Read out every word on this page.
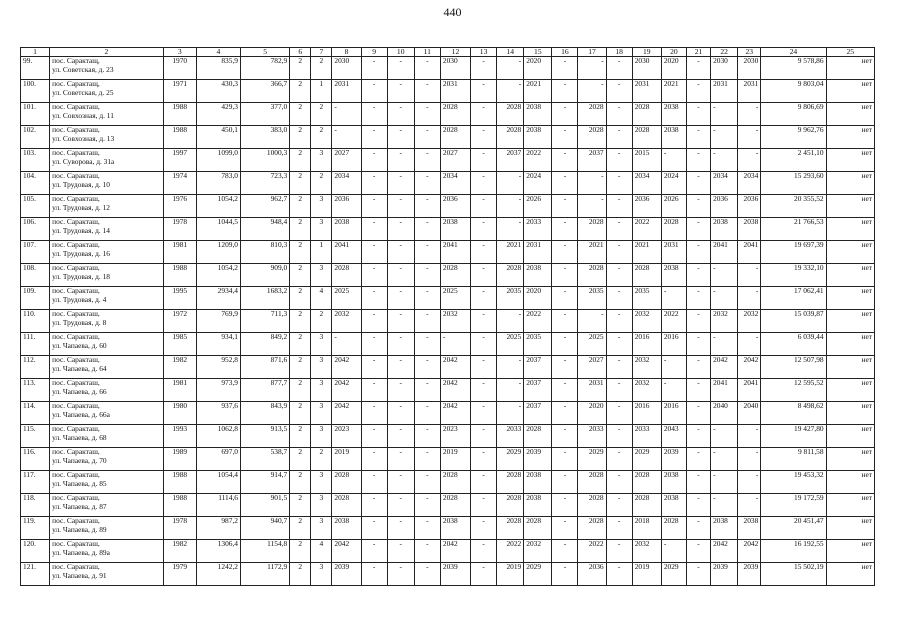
440
1	2	3	4	5	6	7	8	9	10	11	12	13	14	15	16	17	18	19	20	21	22	23	24	25
99.	пос. Сарактащ,
ул. Советская, д. 23	1970	835,9	782,9	2	2	2030	-	-	-	2030	-	-	2020	-	-	-	2030	2020	-	2030	2030	9 578,86	нет
100.	пос. Сарактащ,
ул. Советская, д. 25	1971	430,3	366,7	2	1	2031	-	-	-	2031	-	-	2021	-	-	-	2031	2021	-	2031	2031	9 803,04	нет
101.	пос. Саракташ,
ул. Совхозная, д. 11	1988	429,3	377,0	2	2	-	-	-	-	2028	-	2028	2038	-	2028	-	2028	2038	-	-	-	9 806,69	нет
102.	пос. Саракташ,
ул. Совхозная, д. 13	1988	450,1	383,0	2	2	-	-	-	-	2028	-	2028	2038	-	2028	-	2028	2038	-	-	-	9 962,76	нет
103.	пос. Саракташ,
ул. Суворова, д. 31а	1997	1099,0	1000,3	2	3	2027	-	-	-	2027	-	2037	2022	-	2037	-	2015	-	-	-	-	2 451,10	нет
104.	пос. Саракташ,
ул. Трудовая, д. 10	1974	783,0	723,3	2	2	2034	-	-	-	2034	-	-	2024	-	-	-	2034	2024	-	2034	2034	15 293,60	нет
105.	пос. Саракташ,
ул. Трудовая, д. 12	1976	1054,2	962,7	2	3	2036	-	-	-	2036	-	-	2026	-	-	-	2036	2026	-	2036	2036	20 355,52	нет
106.	пос. Саракташ,
ул. Трудовая, д. 14	1978	1044,5	948,4	2	3	2038	-	-	-	2038	-	-	2033	-	2028	-	2022	2028	-	2038	2038	21 766,53	нет
107.	пос. Саракташ,
ул. Трудовая, д. 16	1981	1209,0	810,3	2	1	2041	-	-	-	2041	-	2021	2031	-	2021	-	2021	2031	-	2041	2041	19 697,39	нет
108.	пос. Саракташ,
ул. Трудовая, д. 18	1988	1054,2	909,0	2	3	2028	-	-	-	2028	-	2028	2038	-	2028	-	2028	2038	-	-	-	19 332,10	нет
109.	пос. Саракташ,
ул. Трудовая, д. 4	1995	2934,4	1683,2	2	4	2025	-	-	-	2025	-	2035	2020	-	2035	-	2035	-	-	-	-	17 062,41	нет
110.	пос. Саракташ,
ул. Трудовая, д. 8	1972	769,9	711,3	2	2	2032	-	-	-	2032	-	-	2022	-	-	-	2032	2022	-	2032	2032	15 039,87	нет
111.	пос. Саракташ,
ул. Чапаева, д. 60	1985	934,1	849,2	2	3	-	-	-	-	-	-	2025	2035	-	2025	-	2016	2016	-	-	-	6 039,44	нет
112.	пос. Саракташ,
ул. Чапаева, д. 64	1982	952,8	871,6	2	3	2042	-	-	-	2042	-	-	2037	-	2027	-	2032	-	-	2042	2042	12 507,98	нет
113.	пос. Саракташ,
ул. Чапаева, д. 66	1981	973,9	877,7	2	3	2042	-	-	-	2042	-	-	2037	-	2031	-	2032	-	-	2041	2041	12 595,52	нет
114.	пос. Саракташ,
ул. Чапаева, д. 66а	1980	937,6	843,9	2	3	2042	-	-	-	2042	-	-	2037	-	2020	-	2016	2016	-	2040	2040	8 498,62	нет
115.	пос. Саракташ,
ул. Чапаева, д. 68	1993	1062,8	913,5	2	3	2023	-	-	-	2023	-	2033	2028	-	2033	-	2033	2043	-	-	-	19 427,80	нет
116.	пос. Саракташ,
ул. Чапаева, д. 70	1989	697,0	538,7	2	2	2019	-	-	-	2019	-	2029	2039	-	2029	-	2029	2039	-	-	-	9 811,58	нет
117.	пос. Саракташ,
ул. Чапаева, д. 85	1988	1054,4	914,7	2	3	2028	-	-	-	2028	-	2028	2038	-	2028	-	2028	2038	-	-	-	19 453,32	нет
118.	пос. Саракташ,
ул. Чапаева, д. 87	1988	1114,6	901,5	2	3	2028	-	-	-	2028	-	2028	2038	-	2028	-	2028	2038	-	-	-	19 172,59	нет
119.	пос. Саракташ,
ул. Чапаева, д. 89	1978	987,2	940,7	2	3	2038	-	-	-	2038	-	2028	2028	-	2028	-	2018	2028	-	2038	2038	20 451,47	нет
120.	пос. Саракташ,
ул. Чапаева, д. 89а	1982	1306,4	1154,8	2	4	2042	-	-	-	2042	-	2022	2032	-	2022	-	2032	-	-	2042	2042	16 192,55	нет
121.	пос. Саракташ,
ул. Чапаева, д. 91	1979	1242,2	1172,9	2	3	2039	-	-	-	2039	-	2019	2029	-	2036	-	2019	2029	-	2039	2039	15 502,19	нет
